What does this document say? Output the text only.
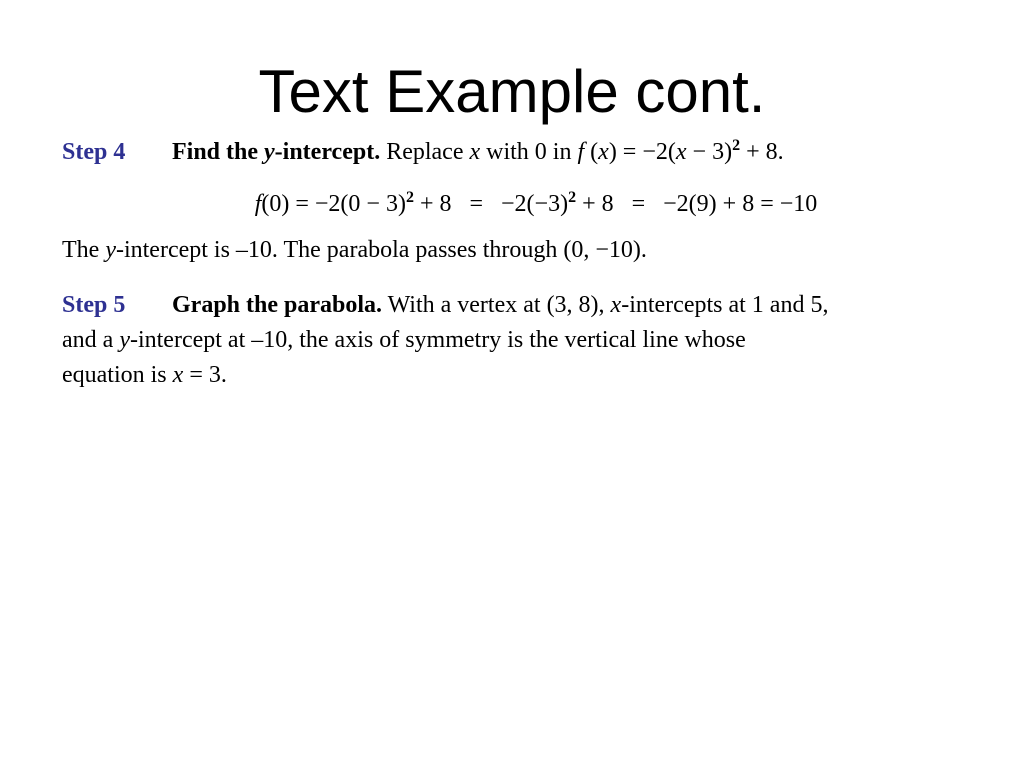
Text Example cont.
Step 4 Find the y-intercept. Replace x with 0 in f $(x) = -2(x - 3)^2 + 8$.
$f(0) = -2(0 - 3)^2 + 8 = -2(-3)^2 + 8 = -2(9) + 8 = -10$
The y-intercept is –10. The parabola passes through (0, −10).
Step 5 Graph the parabola. With a vertex at (3, 8), x-intercepts at 1 and 5,
and a y-intercept at –10, the axis of symmetry is the vertical line whose
equation is x = 3.
